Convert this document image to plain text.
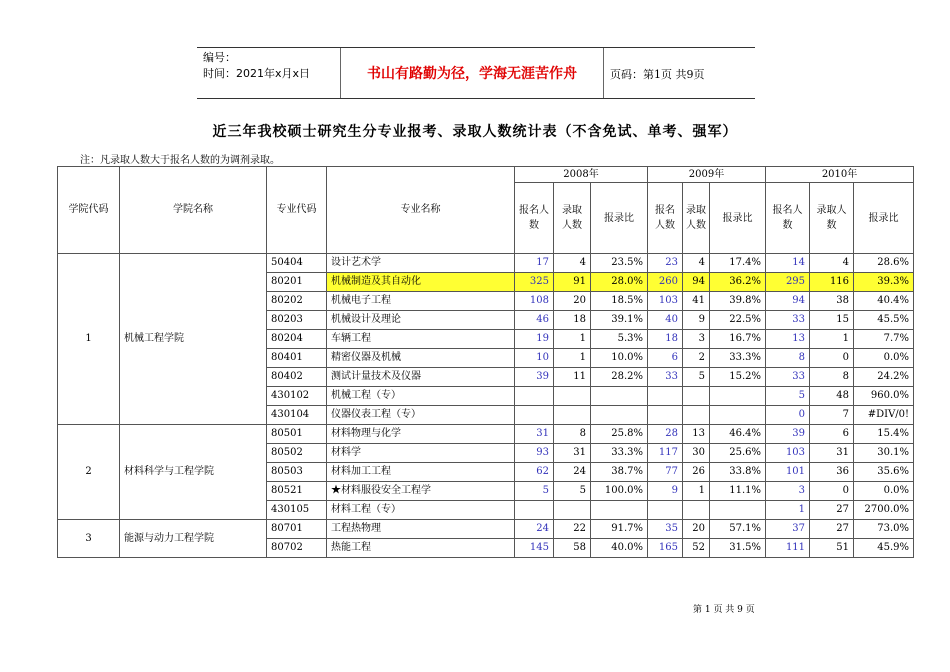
编号：
时间：2021年x月x日	书山有路勤为径，学海无涯苦作舟	页码：第1页 共9页
近三年我校硕士研究生分专业报考、录取人数统计表（不含免试、单考、强军）
注：凡录取人数大于报名人数的为调剂录取。
学院代码	学院名称	专业代码	专业名称	2008年			2009年			2010年		
				报名人数	录取人数	报录比	报名人数	录取人数	报录比	报名人数	录取人数	报录比
1	机械工程学院	50404	设计艺术学	17	4	23.5%	23	4	17.4%	14	4	28.6%
		80201	机械制造及其自动化	325	91	28.0%	260	94	36.2%	295	116	39.3%
		80202	机械电子工程	108	20	18.5%	103	41	39.8%	94	38	40.4%
		80203	机械设计及理论	46	18	39.1%	40	9	22.5%	33	15	45.5%
		80204	车辆工程	19	1	5.3%	18	3	16.7%	13	1	7.7%
		80401	精密仪器及机械	10	1	10.0%	6	2	33.3%	8	0	0.0%
		80402	测试计量技术及仪器	39	11	28.2%	33	5	15.2%	33	8	24.2%
		430102	机械工程（专）							5	48	960.0%
		430104	仪器仪表工程（专）							0	7	#DIV/0!
2	材料科学与工程学院	80501	材料物理与化学	31	8	25.8%	28	13	46.4%	39	6	15.4%
		80502	材料学	93	31	33.3%	117	30	25.6%	103	31	30.1%
		80503	材料加工工程	62	24	38.7%	77	26	33.8%	101	36	35.6%
		80521	★材料服役安全工程学	5	5	100.0%	9	1	11.1%	3	0	0.0%
		430105	材料工程（专）							1	27	2700.0%
3	能源与动力工程学院	80701	工程热物理	24	22	91.7%	35	20	57.1%	37	27	73.0%
		80702	热能工程	145	58	40.0%	165	52	31.5%	111	51	45.9%
第 1 页 共 9 页
